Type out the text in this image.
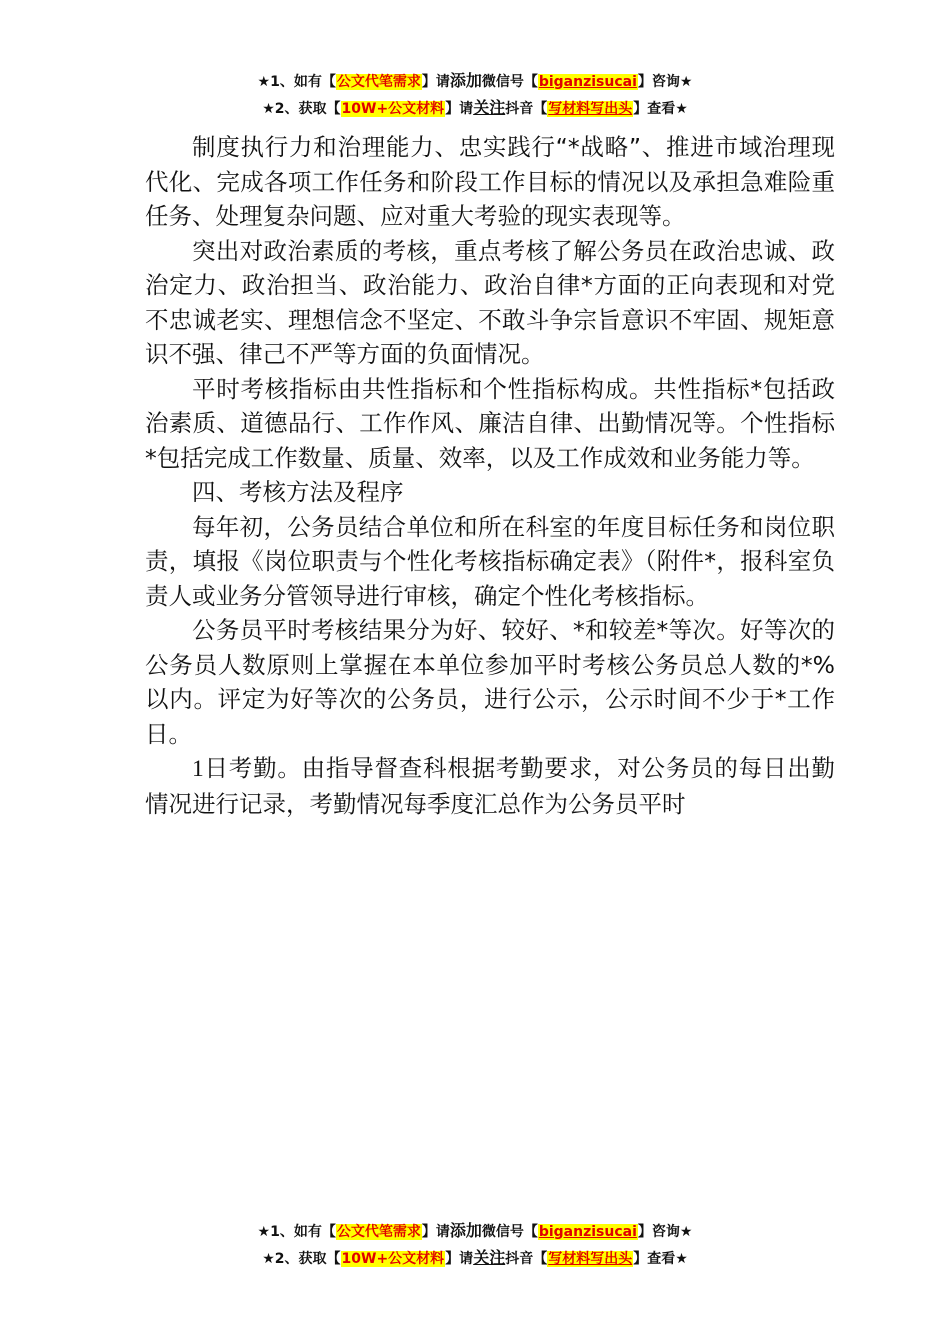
★1、如有【公文代笔需求】请添加微信号【biganzisucai】咨询★
★2、获取【10W+公文材料】请关注抖音【写材料写出头】查看★

制度执行力和治理能力、忠实践行“*战略”、推进市域治理现代化、完成各项工作任务和阶段工作目标的情况以及承担急难险重任务、处理复杂问题、应对重大考验的现实表现等。

突出对政治素质的考核，重点考核了解公务员在政治忠诚、政治定力、政治担当、政治能力、政治自律*方面的正向表现和对党不忠诚老实、理想信念不坚定、不敢斗争宗旨意识不牢固、规矩意识不强、律己不严等方面的负面情况。

平时考核指标由共性指标和个性指标构成。共性指标*包括政治素质、道德品行、工作作风、廉洁自律、出勤情况等。个性指标*包括完成工作数量、质量、效率，以及工作成效和业务能力等。

四、考核方法及程序

每年初，公务员结合单位和所在科室的年度目标任务和岗位职责，填报《岗位职责与个性化考核指标确定表》（附件*，报科室负责人或业务分管领导进行审核，确定个性化考核指标。

公务员平时考核结果分为好、较好、*和较差*等次。好等次的公务员人数原则上掌握在本单位参加平时考核公务员总人数的*%以内。评定为好等次的公务员，进行公示，公示时间不少于*工作日。

1日考勤。由指导督查科根据考勤要求，对公务员的每日出勤情况进行记录，考勤情况每季度汇总作为公务员平时

★1、如有【公文代笔需求】请添加微信号【biganzisucai】咨询★
★2、获取【10W+公文材料】请关注抖音【写材料写出头】查看★
